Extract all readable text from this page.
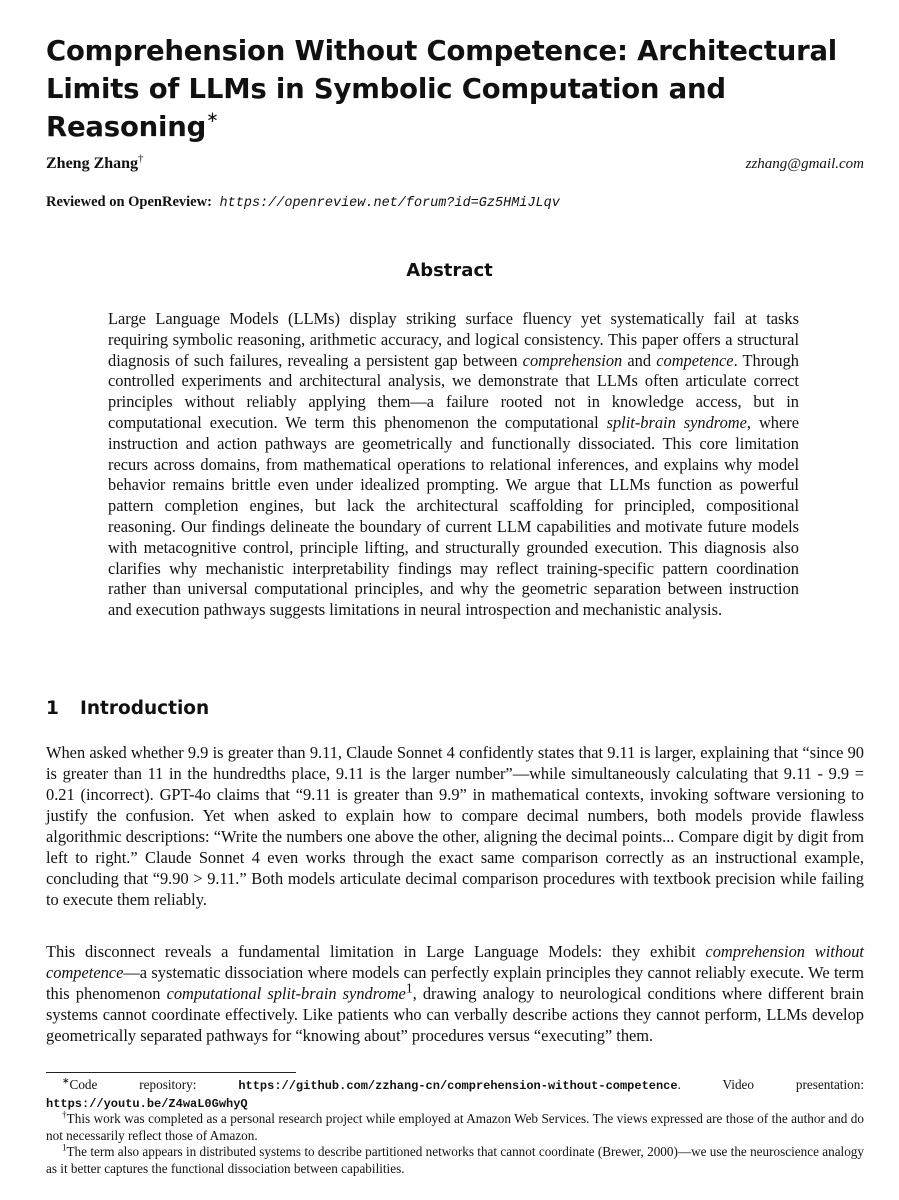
Comprehension Without Competence: Architectural Limits of LLMs in Symbolic Computation and Reasoning∗
Zheng Zhang†	zzhang@gmail.com
Reviewed on OpenReview: https://openreview.net/forum?id=Gz5HMiJLqv
Abstract

Large Language Models (LLMs) display striking surface fluency yet systematically fail at tasks requiring symbolic reasoning, arithmetic accuracy, and logical consistency. This paper offers a structural diagnosis of such failures, revealing a persistent gap between comprehension and competence. Through controlled experiments and architectural analysis, we demonstrate that LLMs often articulate correct principles without reliably applying them—a failure rooted not in knowledge access, but in computational execution. We term this phenomenon the computational split-brain syndrome, where instruction and action pathways are geometrically and functionally dissociated. This core limitation recurs across domains, from mathematical operations to relational inferences, and explains why model behavior remains brittle even under idealized prompting. We argue that LLMs function as powerful pattern completion engines, but lack the architectural scaffolding for principled, compositional reasoning. Our findings delineate the boundary of current LLM capabilities and motivate future models with metacognitive control, principle lifting, and structurally grounded execution. This diagnosis also clarifies why mechanistic interpretability findings may reflect training-specific pattern coordination rather than universal computational principles, and why the geometric separation between instruction and execution pathways suggests limitations in neural introspection and mechanistic analysis.

1 Introduction

When asked whether 9.9 is greater than 9.11, Claude Sonnet 4 confidently states that 9.11 is larger, explaining that “since 90 is greater than 11 in the hundredths place, 9.11 is the larger number”—while simultaneously calculating that 9.11 - 9.9 = 0.21 (incorrect). GPT-4o claims that “9.11 is greater than 9.9” in mathematical contexts, invoking software versioning to justify the confusion. Yet when asked to explain how to compare decimal numbers, both models provide flawless algorithmic descriptions: “Write the numbers one above the other, aligning the decimal points... Compare digit by digit from left to right.” Claude Sonnet 4 even works through the exact same comparison correctly as an instructional example, concluding that “9.90 > 9.11.” Both models articulate decimal comparison procedures with textbook precision while failing to execute them reliably.

This disconnect reveals a fundamental limitation in Large Language Models: they exhibit comprehension without competence—a systematic dissociation where models can perfectly explain principles they cannot reliably execute. We term this phenomenon computational split-brain syndrome$^1$, drawing analogy to neurological conditions where different brain systems cannot coordinate effectively. Like patients who can verbally describe actions they cannot perform, LLMs develop geometrically separated pathways for “knowing about” procedures versus “executing” them.

∗Code repository: https://github.com/zzhang-cn/comprehension-without-competence. Video presentation: https://youtu.be/Z4waL0GwhyQ

†This work was completed as a personal research project while employed at Amazon Web Services. The views expressed are those of the author and do not necessarily reflect those of Amazon.

$^1$The term also appears in distributed systems to describe partitioned networks that cannot coordinate (Brewer, 2000)—we use the neuroscience analogy as it better captures the functional dissociation between capabilities.
